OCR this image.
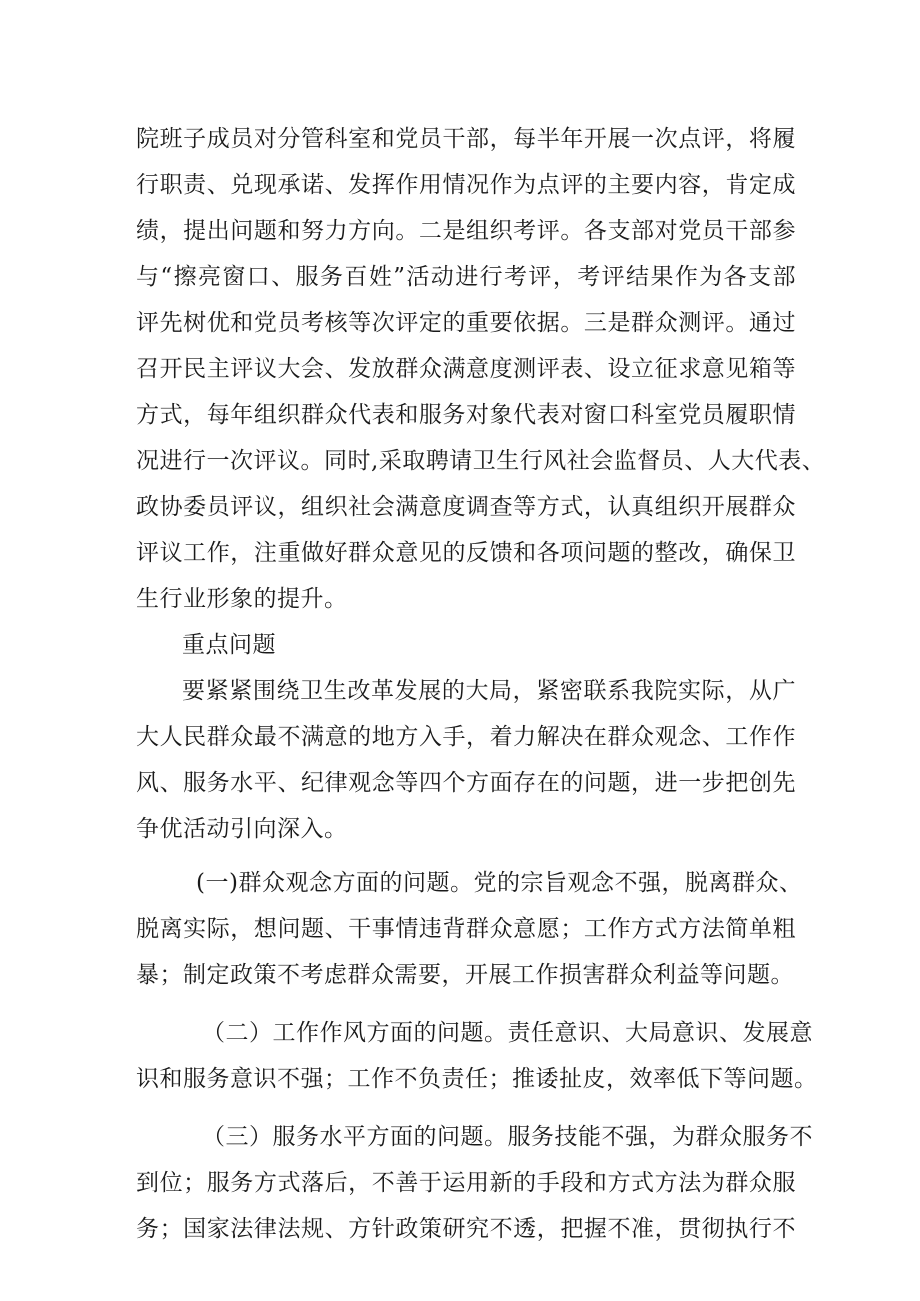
院班子成员对分管科室和党员干部，每半年开展一次点评，将履
行职责、兑现承诺、发挥作用情况作为点评的主要内容，肯定成
绩，提出问题和努力方向。二是组织考评。各支部对党员干部参
与“擦亮窗口、服务百姓”活动进行考评，考评结果作为各支部
评先树优和党员考核等次评定的重要依据。三是群众测评。通过
召开民主评议大会、发放群众满意度测评表、设立征求意见箱等
方式，每年组织群众代表和服务对象代表对窗口科室党员履职情
况进行一次评议。同时,采取聘请卫生行风社会监督员、人大代表、
政协委员评议，组织社会满意度调查等方式，认真组织开展群众
评议工作，注重做好群众意见的反馈和各项问题的整改，确保卫
生行业形象的提升。
重点问题
要紧紧围绕卫生改革发展的大局，紧密联系我院实际，从广
大人民群众最不满意的地方入手，着力解决在群众观念、工作作
风、服务水平、纪律观念等四个方面存在的问题，进一步把创先
争优活动引向深入。
(一)群众观念方面的问题。党的宗旨观念不强，脱离群众、
脱离实际，想问题、干事情违背群众意愿；工作方式方法简单粗
暴；制定政策不考虑群众需要，开展工作损害群众利益等问题。
（二）工作作风方面的问题。责任意识、大局意识、发展意
识和服务意识不强；工作不负责任；推诿扯皮，效率低下等问题。
（三）服务水平方面的问题。服务技能不强，为群众服务不
到位；服务方式落后，不善于运用新的手段和方式方法为群众服
务；国家法律法规、方针政策研究不透，把握不准，贯彻执行不
